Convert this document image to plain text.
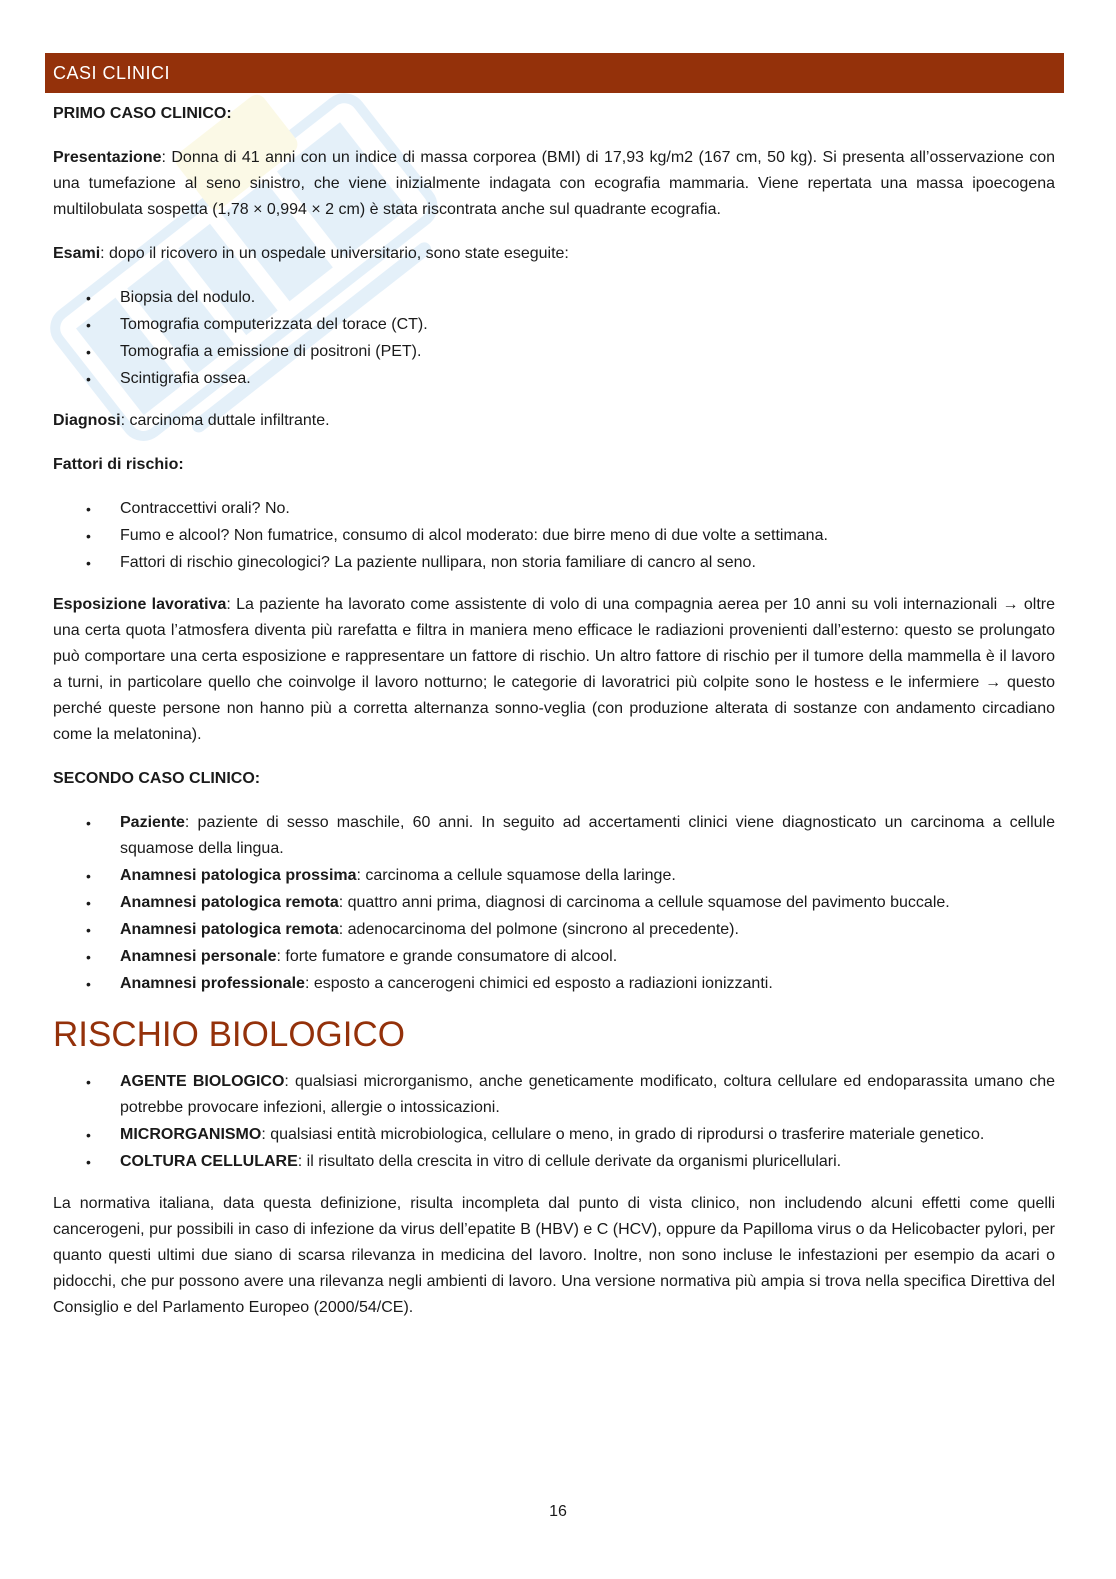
CASI CLINICI

PRIMO CASO CLINICO:

Presentazione: Donna di 41 anni con un indice di massa corporea (BMI) di 17,93 kg/m2 (167 cm, 50 kg). Si presenta all’osservazione con una tumefazione al seno sinistro, che viene inizialmente indagata con ecografia mammaria. Viene repertata una massa ipoecogena multilobulata sospetta (1,78 × 0,994 × 2 cm) è stata riscontrata anche sul quadrante ecografia.

Esami: dopo il ricovero in un ospedale universitario, sono state eseguite:

• Biopsia del nodulo.
• Tomografia computerizzata del torace (CT).
• Tomografia a emissione di positroni (PET).
• Scintigrafia ossea.

Diagnosi: carcinoma duttale infiltrante.

Fattori di rischio:

• Contraccettivi orali? No.
• Fumo e alcool? Non fumatrice, consumo di alcol moderato: due birre meno di due volte a settimana.
• Fattori di rischio ginecologici? La paziente nullipara, non storia familiare di cancro al seno.

Esposizione lavorativa: La paziente ha lavorato come assistente di volo di una compagnia aerea per 10 anni su voli internazionali → oltre una certa quota l’atmosfera diventa più rarefatta e filtra in maniera meno efficace le radiazioni provenienti dall’esterno: questo se prolungato può comportare una certa esposizione e rappresentare un fattore di rischio. Un altro fattore di rischio per il tumore della mammella è il lavoro a turni, in particolare quello che coinvolge il lavoro notturno; le categorie di lavoratrici più colpite sono le hostess e le infermiere → questo perché queste persone non hanno più a corretta alternanza sonno-veglia (con produzione alterata di sostanze con andamento circadiano come la melatonina).

SECONDO CASO CLINICO:

• Paziente: paziente di sesso maschile, 60 anni. In seguito ad accertamenti clinici viene diagnosticato un carcinoma a cellule squamose della lingua.
• Anamnesi patologica prossima: carcinoma a cellule squamose della laringe.
• Anamnesi patologica remota: quattro anni prima, diagnosi di carcinoma a cellule squamose del pavimento buccale.
• Anamnesi patologica remota: adenocarcinoma del polmone (sincrono al precedente).
• Anamnesi personale: forte fumatore e grande consumatore di alcool.
• Anamnesi professionale: esposto a cancerogeni chimici ed esposto a radiazioni ionizzanti.
RISCHIO BIOLOGICO
• AGENTE BIOLOGICO: qualsiasi microrganismo, anche geneticamente modificato, coltura cellulare ed endoparassita umano che potrebbe provocare infezioni, allergie o intossicazioni.
• MICRORGANISMO: qualsiasi entità microbiologica, cellulare o meno, in grado di riprodursi o trasferire materiale genetico.
• COLTURA CELLULARE: il risultato della crescita in vitro di cellule derivate da organismi pluricellulari.

La normativa italiana, data questa definizione, risulta incompleta dal punto di vista clinico, non includendo alcuni effetti come quelli cancerogeni, pur possibili in caso di infezione da virus dell’epatite B (HBV) e C (HCV), oppure da Papilloma virus o da Helicobacter pylori, per quanto questi ultimi due siano di scarsa rilevanza in medicina del lavoro. Inoltre, non sono incluse le infestazioni per esempio da acari o pidocchi, che pur possono avere una rilevanza negli ambienti di lavoro. Una versione normativa più ampia si trova nella specifica Direttiva del Consiglio e del Parlamento Europeo (2000/54/CE).

16
